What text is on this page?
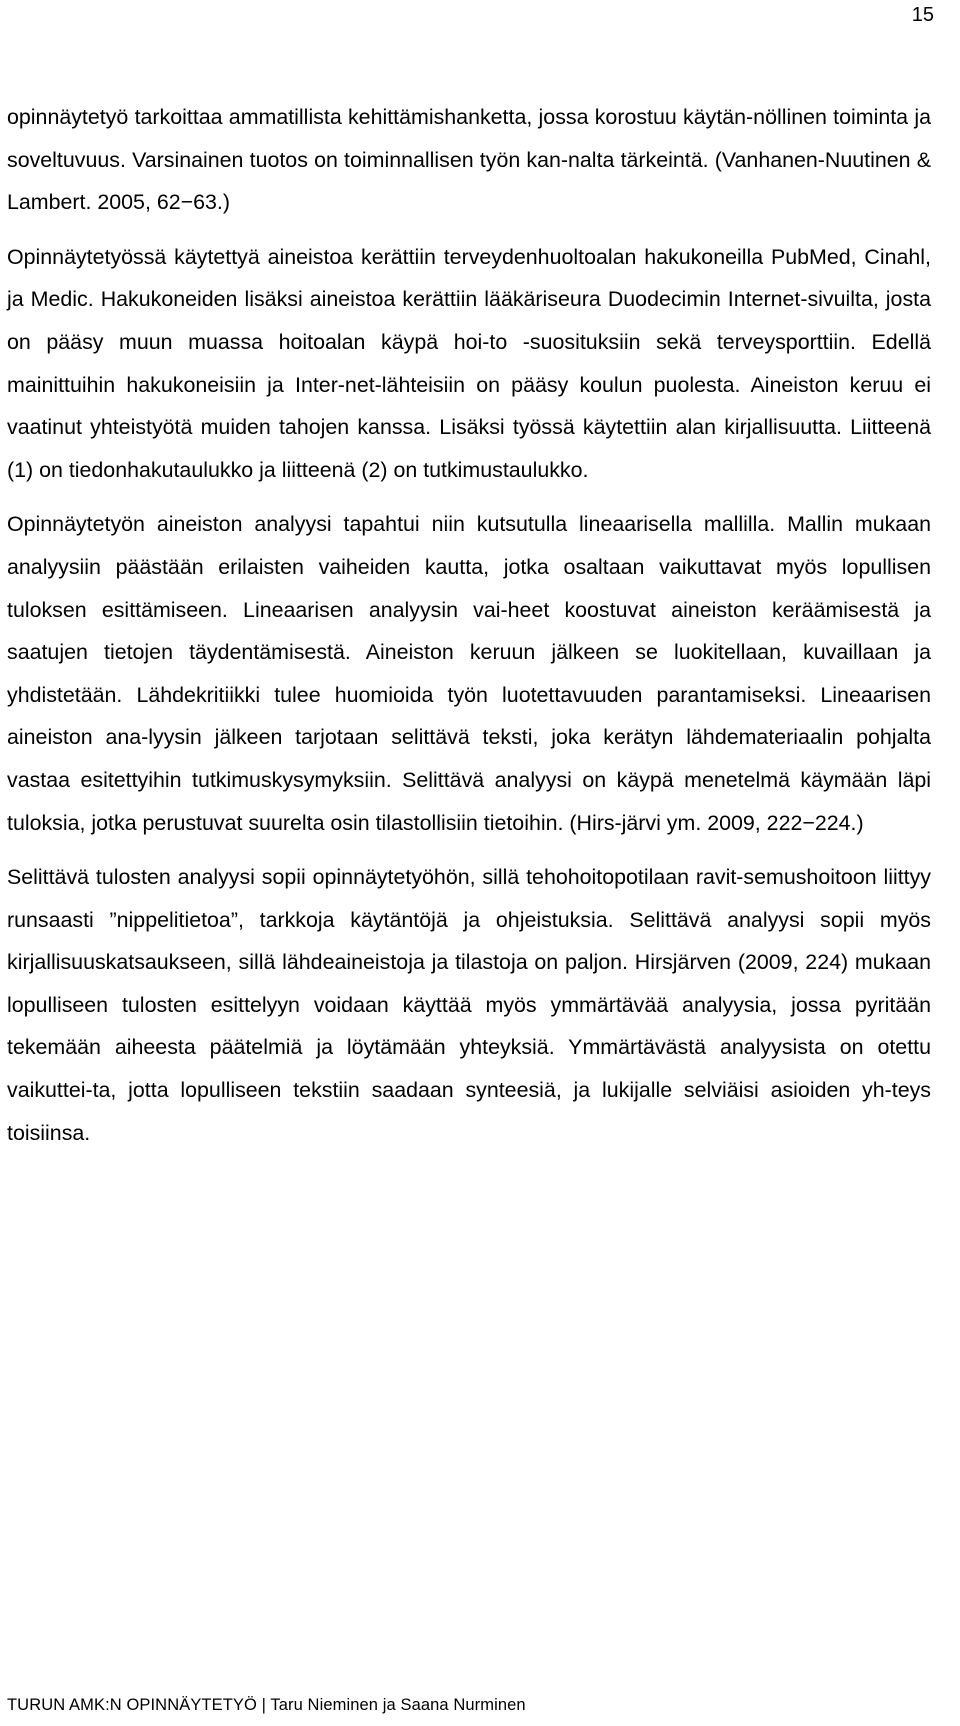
15

opinnäytetyö tarkoittaa ammatillista kehittämishanketta, jossa korostuu käytän-nöllinen toiminta ja soveltuvuus. Varsinainen tuotos on toiminnallisen työn kan-nalta tärkeintä. (Vanhanen-Nuutinen & Lambert. 2005, 62−63.)

Opinnäytetyössä käytettyä aineistoa kerättiin terveydenhuoltoalan hakukoneilla PubMed, Cinahl, ja Medic. Hakukoneiden lisäksi aineistoa kerättiin lääkäriseura Duodecimin Internet-sivuilta, josta on pääsy muun muassa hoitoalan käypä hoi-to -suosituksiin sekä terveysporttiin. Edellä mainittuihin hakukoneisiin ja Inter-net-lähteisiin on pääsy koulun puolesta. Aineiston keruu ei vaatinut yhteistyötä muiden tahojen kanssa. Lisäksi työssä käytettiin alan kirjallisuutta. Liitteenä (1) on tiedonhakutaulukko ja liitteenä (2) on tutkimustaulukko.

Opinnäytetyön aineiston analyysi tapahtui niin kutsutulla lineaarisella mallilla. Mallin mukaan analyysiin päästään erilaisten vaiheiden kautta, jotka osaltaan vaikuttavat myös lopullisen tuloksen esittämiseen. Lineaarisen analyysin vai-heet koostuvat aineiston keräämisestä ja saatujen tietojen täydentämisestä. Aineiston keruun jälkeen se luokitellaan, kuvaillaan ja yhdistetään. Lähdekritiikki tulee huomioida työn luotettavuuden parantamiseksi. Lineaarisen aineiston ana-lyysin jälkeen tarjotaan selittävä teksti, joka kerätyn lähdemateriaalin pohjalta vastaa esitettyihin tutkimuskysymyksiin. Selittävä analyysi on käypä menetelmä käymään läpi tuloksia, jotka perustuvat suurelta osin tilastollisiin tietoihin. (Hirs-järvi ym. 2009, 222−224.)

Selittävä tulosten analyysi sopii opinnäytetyöhön, sillä tehohoitopotilaan ravit-semushoitoon liittyy runsaasti ”nippelitietoa”, tarkkoja käytäntöjä ja ohjeistuksia. Selittävä analyysi sopii myös kirjallisuuskatsaukseen, sillä lähdeaineistoja ja tilastoja on paljon. Hirsjärven (2009, 224) mukaan lopulliseen tulosten esittelyyn voidaan käyttää myös ymmärtävää analyysia, jossa pyritään tekemään aiheesta päätelmiä ja löytämään yhteyksiä. Ymmärtävästä analyysista on otettu vaikuttei-ta, jotta lopulliseen tekstiin saadaan synteesiä, ja lukijalle selviäisi asioiden yh-teys toisiinsa.

TURUN AMK:N OPINNÄYTETYÖ | Taru Nieminen ja Saana Nurminen
